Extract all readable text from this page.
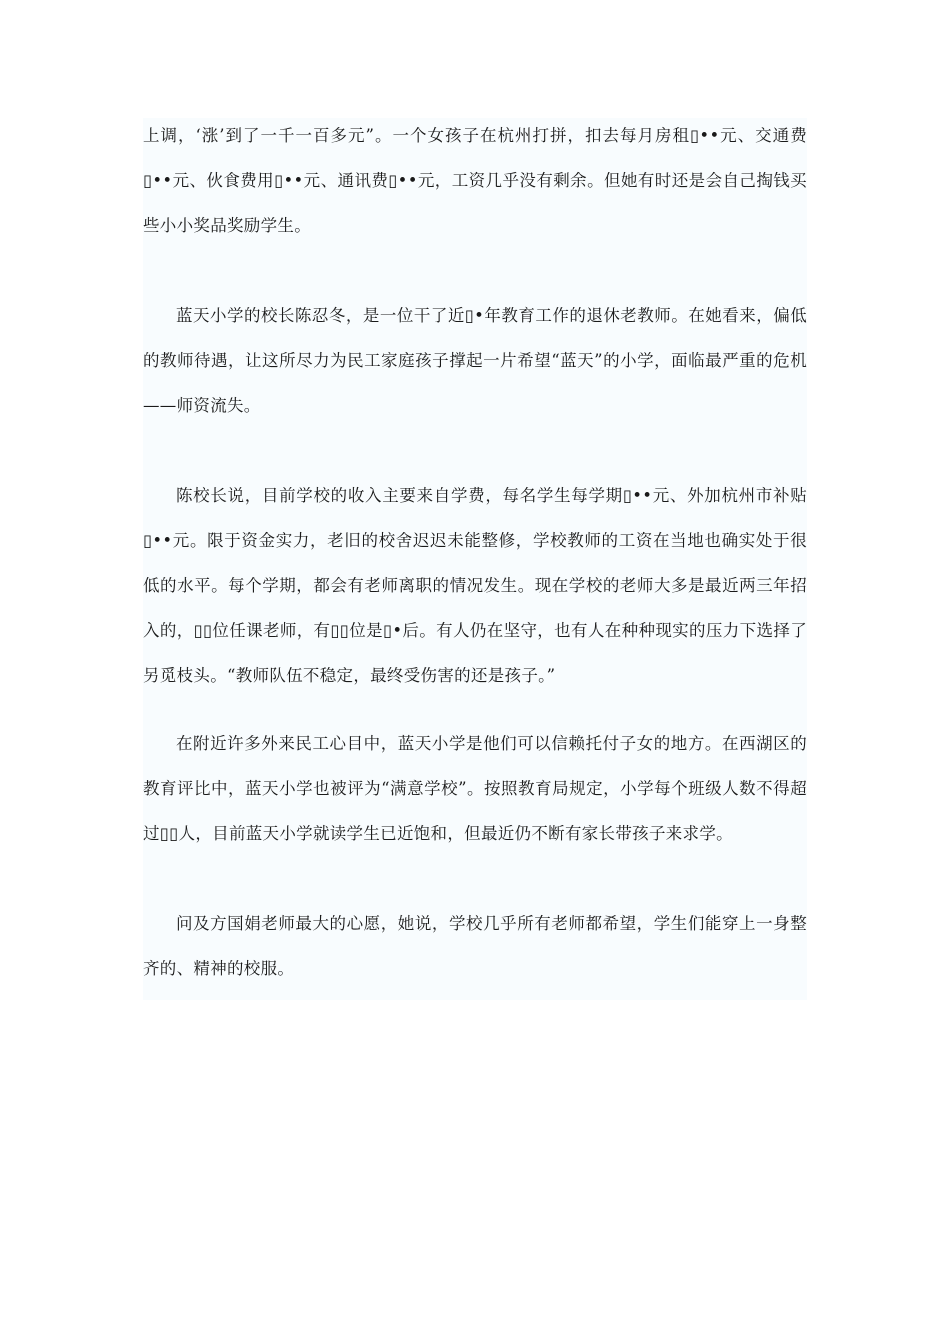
上调，‘涨’到了一千一百多元”。一个女孩子在杭州打拼，扣去每月房租▯••元、交通费▯••元、伙食费用▯••元、通讯费▯••元，工资几乎没有剩余。但她有时还是会自己掏钱买些小小奖品奖励学生。

蓝天小学的校长陈忍冬，是一位干了近▯•年教育工作的退休老教师。在她看来，偏低的教师待遇，让这所尽力为民工家庭孩子撑起一片希望“蓝天”的小学，面临最严重的危机——师资流失。

陈校长说，目前学校的收入主要来自学费，每名学生每学期▯••元、外加杭州市补贴▯••元。限于资金实力，老旧的校舍迟迟未能整修，学校教师的工资在当地也确实处于很低的水平。每个学期，都会有老师离职的情况发生。现在学校的老师大多是最近两三年招入的，▯▯位任课老师，有▯▯位是▯•后。有人仍在坚守，也有人在种种现实的压力下选择了另觅枝头。“教师队伍不稳定，最终受伤害的还是孩子。”

在附近许多外来民工心目中，蓝天小学是他们可以信赖托付子女的地方。在西湖区的教育评比中，蓝天小学也被评为“满意学校”。按照教育局规定，小学每个班级人数不得超过▯▯人，目前蓝天小学就读学生已近饱和，但最近仍不断有家长带孩子来求学。

问及方国娟老师最大的心愿，她说，学校几乎所有老师都希望，学生们能穿上一身整齐的、精神的校服。
